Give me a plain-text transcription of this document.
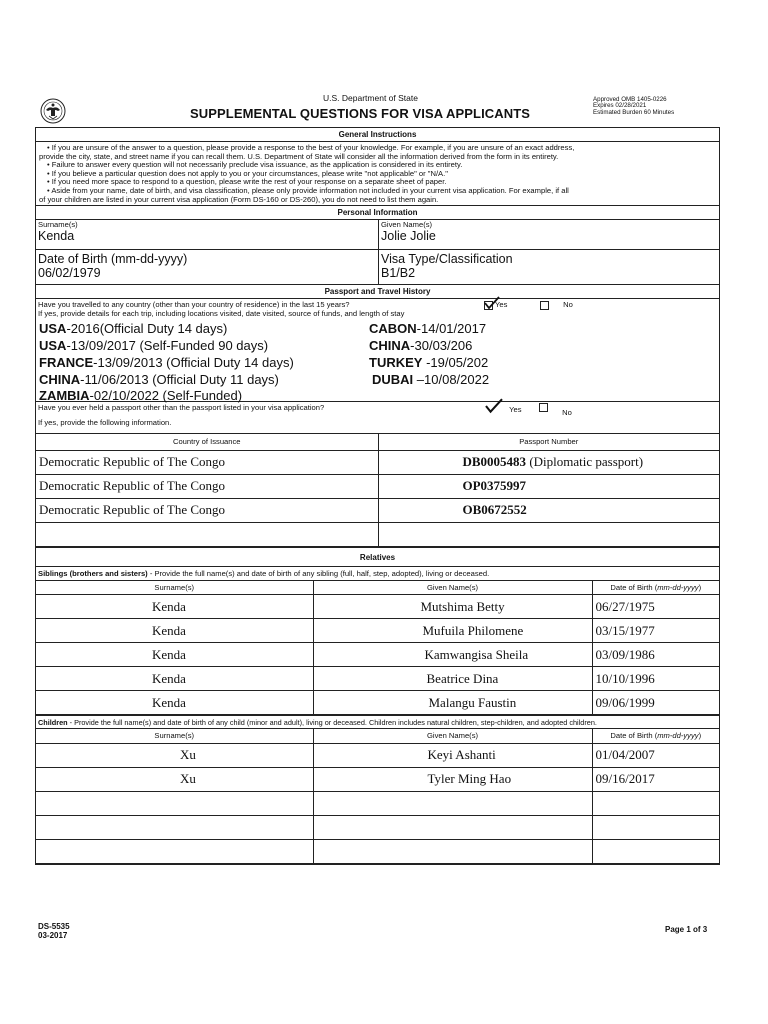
U.S. Department of State
SUPPLEMENTAL QUESTIONS FOR VISA APPLICANTS
Approved OMB 1405-0226
Expires 02/28/2021
Estimated Burden 60 Minutes
General Instructions
• If you are unsure of the answer to a question, please provide a response to the best of your knowledge. For example, if you are unsure of an exact address,
provide the city, state, and street name if you can recall them. U.S. Department of State will consider all the information derived from the form in its entirety.
• Failure to answer every question will not necessarily preclude visa issuance, as the application is considered in its entirety.
• If you believe a particular question does not apply to you or your circumstances, please write "not applicable" or "N/A."
• If you need more space to respond to a question, please write the rest of your response on a separate sheet of paper.
• Aside from your name, date of birth, and visa classification, please only provide information not included in your current visa application. For example, if all
of your children are listed in your current visa application (Form DS-160 or DS-260), you do not need to list them again.
Personal Information
Surname(s)
Kenda
Given Name(s)
Jolie Jolie
Date of Birth (mm-dd-yyyy)
06/02/1979
Visa Type/Classification
B1/B2
Passport and Travel History
Have you travelled to any country (other than your country of residence) in the last 15 years?	Yes	No
If yes, provide details for each trip, including locations visited, date visited, source of funds, and length of stay
USA-2016(Official Duty 14 days)
USA-13/09/2017 (Self-Funded 90 days)
FRANCE-13/09/2013 (Official Duty 14 days)
CHINA-11/06/2013 (Official Duty 11 days)
ZAMBIA-02/10/2022 (Self-Funded)
CABON-14/01/2017
CHINA-30/03/206
TURKEY -19/05/202
DUBAI –10/08/2022
Have you ever held a passport other than the passport listed in your visa application?	Yes	No
If yes, provide the following information.
Country of Issuance	Passport Number
Democratic Republic of The Congo	DB0005483 (Diplomatic passport)
Democratic Republic of The Congo	OP0375997
Democratic Republic of The Congo	OB0672552

Relatives
Siblings (brothers and sisters) - Provide the full name(s) and date of birth of any sibling (full, half, step, adopted), living or deceased.
Surname(s)	Given Name(s)	Date of Birth (mm-dd-yyyy)
Kenda	Mutshima Betty	06/27/1975
Kenda	Mufuila Philomene	03/15/1977
Kenda	Kamwangisa Sheila	03/09/1986
Kenda	Beatrice Dina	10/10/1996
Kenda	Malangu Faustin	09/06/1999
Children - Provide the full name(s) and date of birth of any child (minor and adult), living or deceased. Children includes natural children, step-children, and adopted children.
Surname(s)	Given Name(s)	Date of Birth (mm-dd-yyyy)
Xu	Keyi Ashanti	01/04/2007
Xu	Tyler Ming Hao	09/16/2017

DS-5535
03-2017
Page 1 of 3
